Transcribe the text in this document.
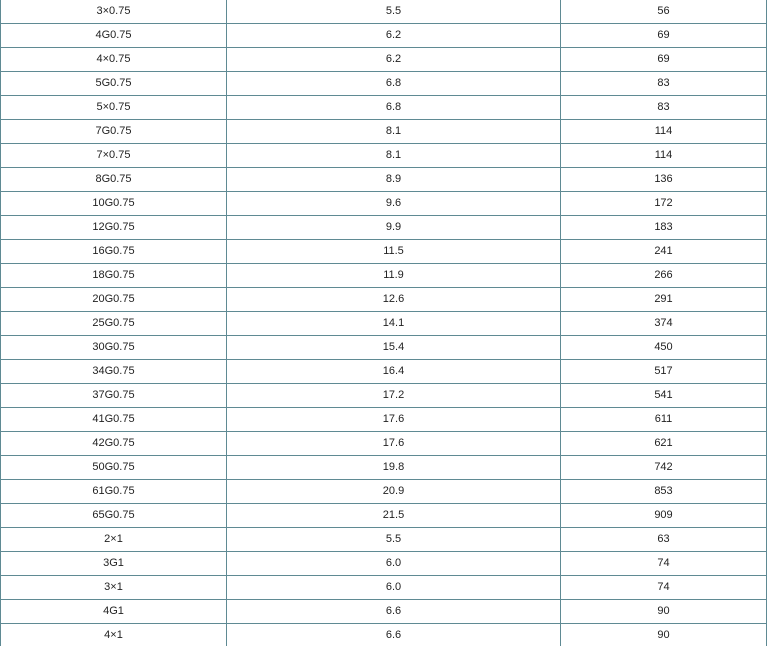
3×0.75	5.5	56
4G0.75	6.2	69
4×0.75	6.2	69
5G0.75	6.8	83
5×0.75	6.8	83
7G0.75	8.1	114
7×0.75	8.1	114
8G0.75	8.9	136
10G0.75	9.6	172
12G0.75	9.9	183
16G0.75	11.5	241
18G0.75	11.9	266
20G0.75	12.6	291
25G0.75	14.1	374
30G0.75	15.4	450
34G0.75	16.4	517
37G0.75	17.2	541
41G0.75	17.6	611
42G0.75	17.6	621
50G0.75	19.8	742
61G0.75	20.9	853
65G0.75	21.5	909
2×1	5.5	63
3G1	6.0	74
3×1	6.0	74
4G1	6.6	90
4×1	6.6	90
